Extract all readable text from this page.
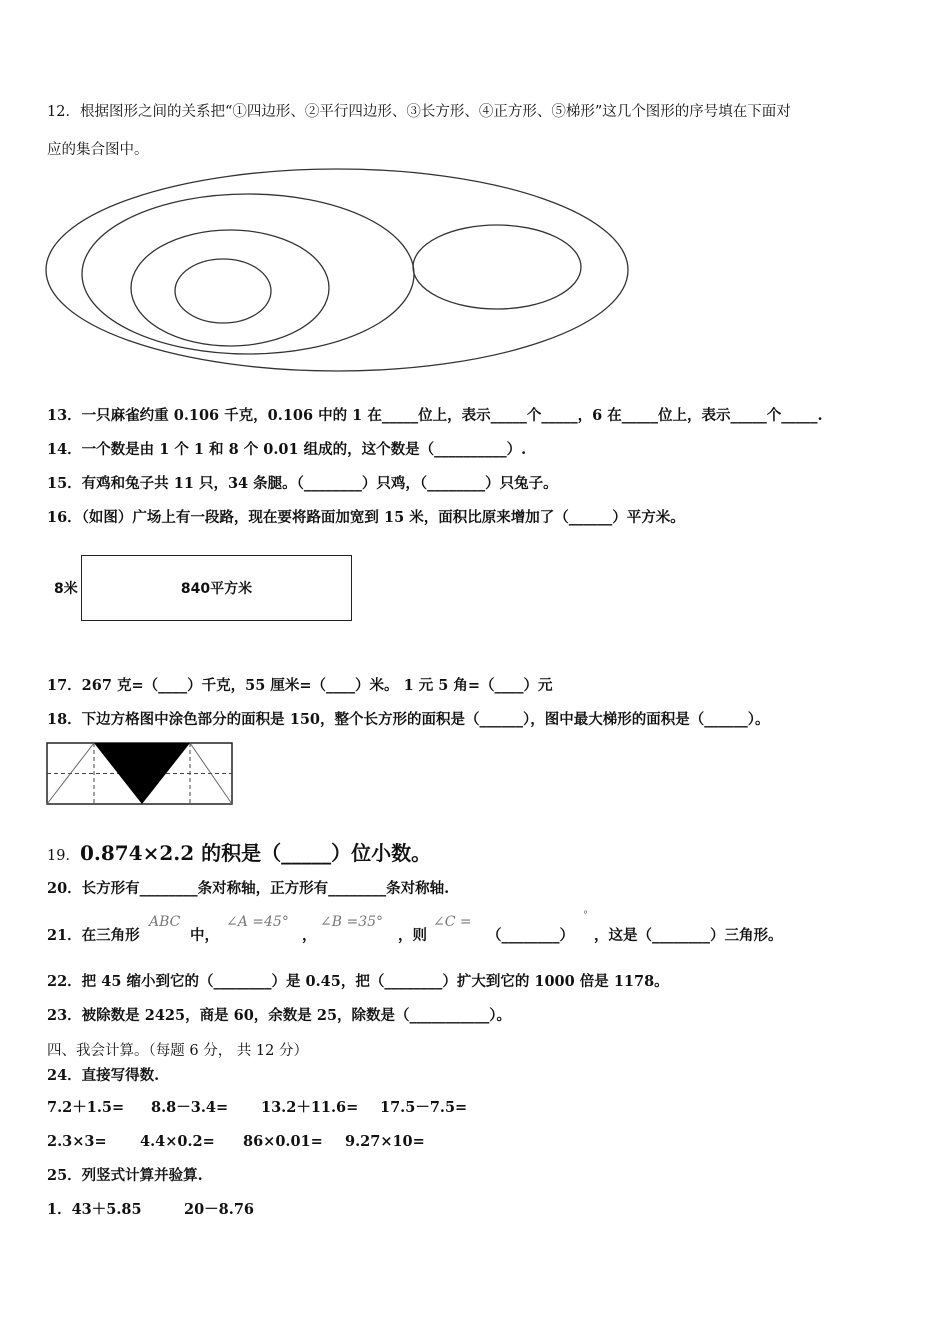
12．根据图形之间的关系把“①四边形、②平行四边形、③长方形、④正方形、⑤梯形”这几个图形的序号填在下面对
应的集合图中。
13．一只麻雀约重 0.106 千克，0.106 中的 1 在_____位上，表示_____个_____，6 在_____位上，表示_____个_____.
14．一个数是由 1 个 1 和 8 个 0.01 组成的，这个数是（__________）.
15．有鸡和兔子共 11 只，34 条腿。（________）只鸡，（________）只兔子。
16．（如图）广场上有一段路，现在要将路面加宽到 15 米，面积比原来增加了（______）平方米。
8米	840平方米
17．267 克=（____）千克，55 厘米=（____）米。 1 元 5 角=（____）元
18．下边方格图中涂色部分的面积是 150，整个长方形的面积是（______），图中最大梯形的面积是（______）。
19．0.874×2.2 的积是（_____）位小数。
20．长方形有________条对称轴，正方形有________条对称轴.
21．在三角形
ABC
中，
∠A =45°
，
∠B =35°
，则
∠C =
（________）
°
，这是（________）三角形。
22．把 45 缩小到它的（________）是 0.45，把（________）扩大到它的 1000 倍是 1178。
23．被除数是 2425，商是 60，余数是 25，除数是（___________）。
四、我会计算。（每题 6 分， 共 12 分）
24．直接写得数.
7.2＋1.5= 8.8－3.4= 13.2＋11.6= 17.5－7.5=
2.3×3= 4.4×0.2= 86×0.01= 9.27×10=
25．列竖式计算并验算.
1．43＋5.85	20－8.76
